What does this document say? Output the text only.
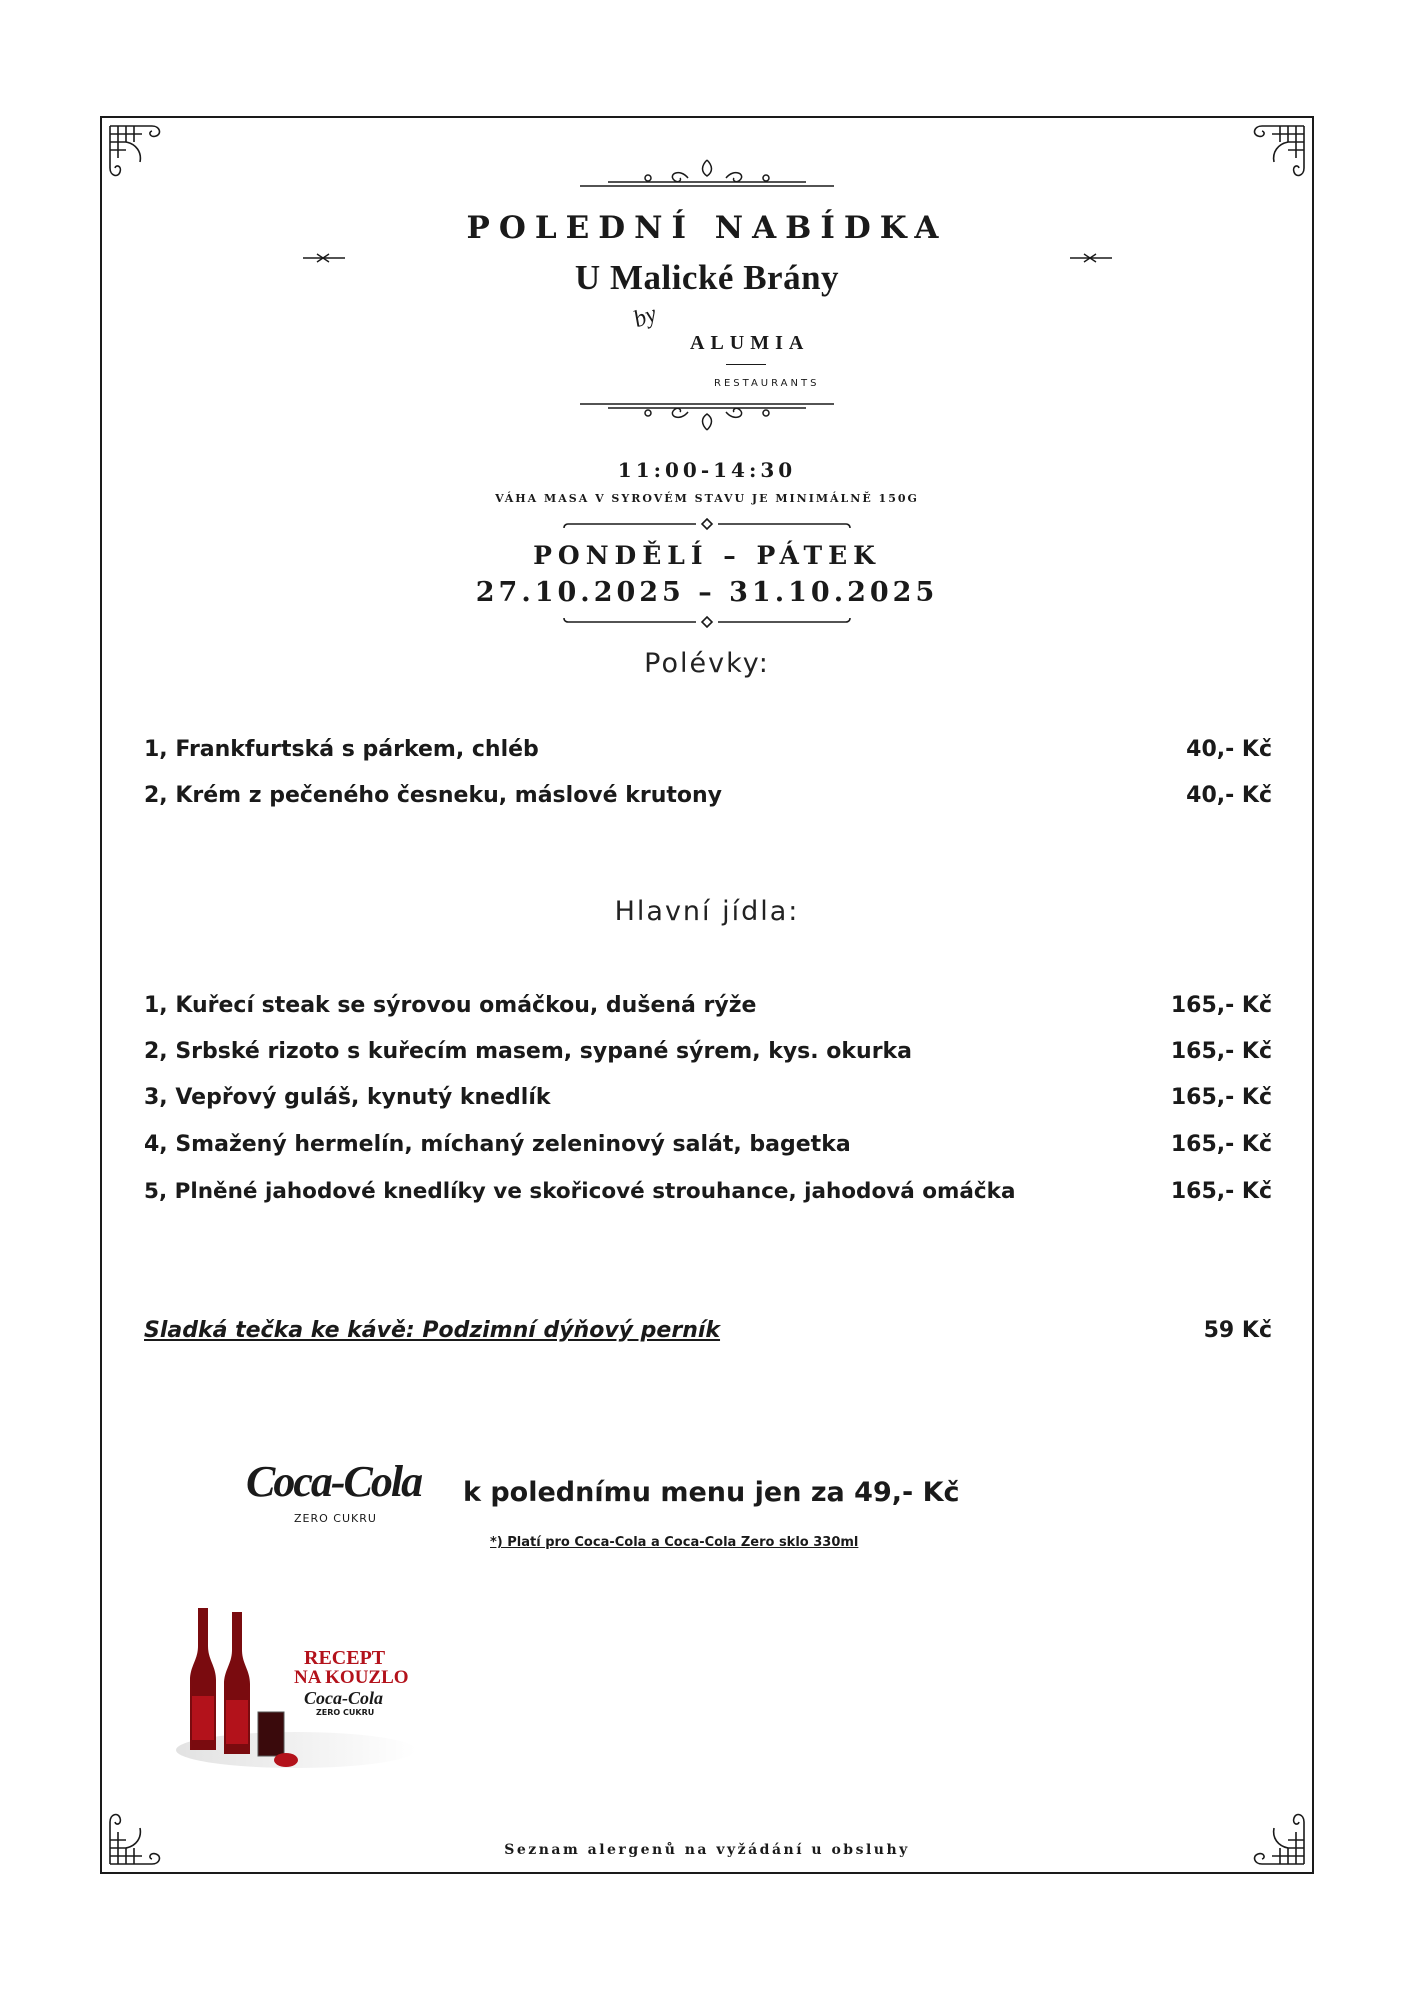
POLEDNÍ NABÍDKA
U Malické Brány
by
ALUMIA
RESTAURANTS
11:00-14:30
VÁHA MASA V SYROVÉM STAVU JE MINIMÁLNĚ 150G
PONDĚLÍ – PÁTEK
27.10.2025 – 31.10.2025
Polévky:
1, Frankfurtská s párkem, chléb	40,- Kč
2, Krém z pečeného česneku, máslové krutony	40,- Kč
Hlavní jídla:
1, Kuřecí steak se sýrovou omáčkou, dušená rýže	165,- Kč
2, Srbské rizoto s kuřecím masem, sypané sýrem, kys. okurka	165,- Kč
3, Vepřový guláš, kynutý knedlík	165,- Kč
4, Smažený hermelín, míchaný zeleninový salát, bagetka	165,- Kč
5, Plněné jahodové knedlíky ve skořicové strouhance, jahodová omáčka	165,- Kč
Sladká tečka ke kávě: Podzimní dýňový perník	59 Kč
Coca-Cola
ZERO CUKRU
k polednímu menu jen za 49,- Kč
*) Platí pro Coca-Cola a Coca-Cola Zero sklo 330ml
RECEPT
NA KOUZLO
Coca-Cola
ZERO CUKRU
Seznam alergenů na vyžádání u obsluhy
